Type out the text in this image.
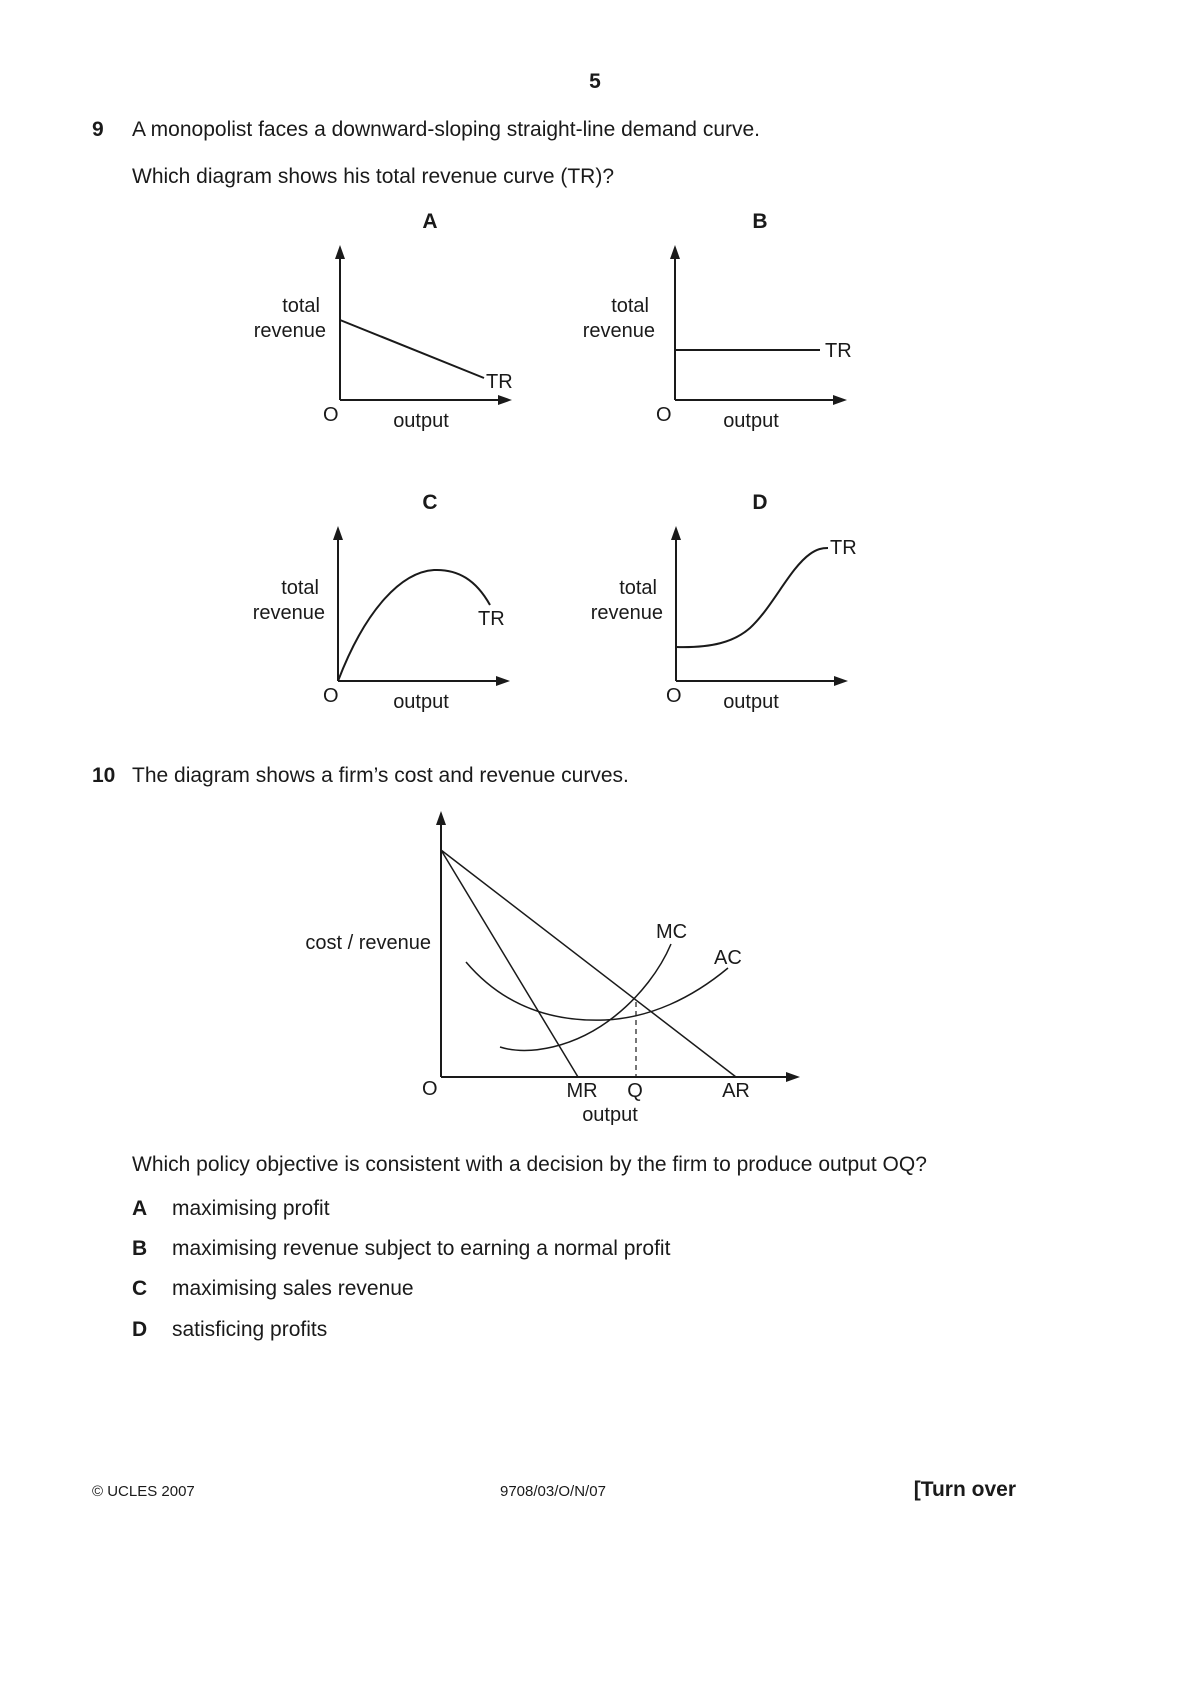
5
9 A monopolist faces a downward-sloping straight-line demand curve.
Which diagram shows his total revenue curve (TR)?
A
total
revenue
TR
O	output
B
total
revenue
TR
O	output
C
total
revenue	TR
O	output
D
total
revenue
TR
O output
cost / revenue	MC
AC
O	MR Q	AR
output
10 The diagram shows a firm’s cost and revenue curves.
Which policy objective is consistent with a decision by the firm to produce output OQ?
A maximising profit
B maximising revenue subject to earning a normal profit
C maximising sales revenue
D satisficing profits
© UCLES 2007	9708/03/O/N/07	[Turn over
